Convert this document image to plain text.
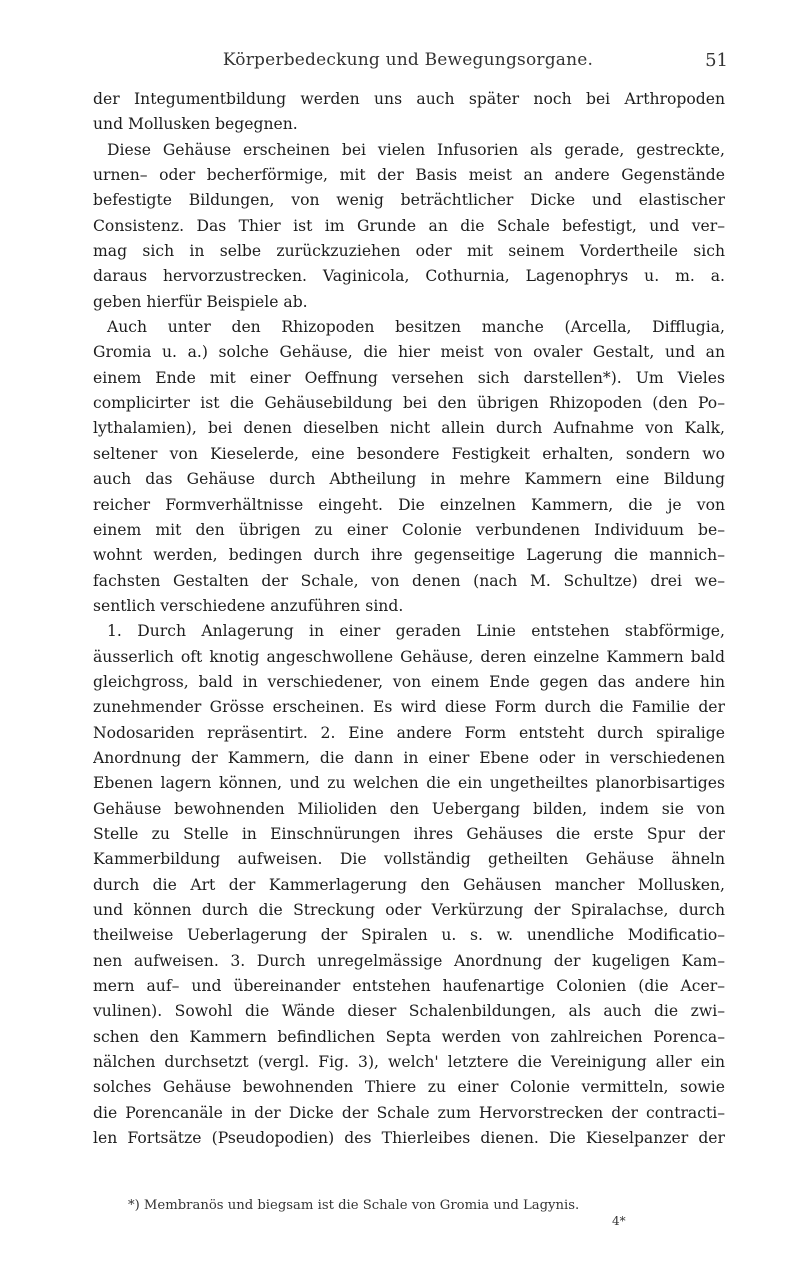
Körperbedeckung und Bewegungsorgane.	51
der Integumentbildung werden uns auch später noch bei Arthropoden
und Mollusken begegnen.
Diese Gehäuse erscheinen bei vielen Infusorien als gerade, gestreckte,
urnen– oder becherförmige, mit der Basis meist an andere Gegenstände
befestigte Bildungen, von wenig beträchtlicher Dicke und elastischer
Consistenz. Das Thier ist im Grunde an die Schale befestigt, und ver–
mag sich in selbe zurückzuziehen oder mit seinem Vordertheile sich
daraus hervorzustrecken. Vaginicola, Cothurnia, Lagenophrys u. m. a.
geben hierfür Beispiele ab.
Auch unter den Rhizopoden besitzen manche (Arcella, Difflugia,
Gromia u. a.) solche Gehäuse, die hier meist von ovaler Gestalt, und an
einem Ende mit einer Oeffnung versehen sich darstellen*). Um Vieles
complicirter ist die Gehäusebildung bei den übrigen Rhizopoden (den Po–
lythalamien), bei denen dieselben nicht allein durch Aufnahme von Kalk,
seltener von Kieselerde, eine besondere Festigkeit erhalten, sondern wo
auch das Gehäuse durch Abtheilung in mehre Kammern eine Bildung
reicher Formverhältnisse eingeht. Die einzelnen Kammern, die je von
einem mit den übrigen zu einer Colonie verbundenen Individuum be–
wohnt werden, bedingen durch ihre gegenseitige Lagerung die mannich–
fachsten Gestalten der Schale, von denen (nach M. Schultze) drei we–
sentlich verschiedene anzuführen sind.
1. Durch Anlagerung in einer geraden Linie entstehen stabförmige,
äusserlich oft knotig angeschwollene Gehäuse, deren einzelne Kammern bald
gleichgross, bald in verschiedener, von einem Ende gegen das andere hin
zunehmender Grösse erscheinen. Es wird diese Form durch die Familie der
Nodosariden repräsentirt. 2. Eine andere Form entsteht durch spiralige
Anordnung der Kammern, die dann in einer Ebene oder in verschiedenen
Ebenen lagern können, und zu welchen die ein ungetheiltes planorbisartiges
Gehäuse bewohnenden Milioliden den Uebergang bilden, indem sie von
Stelle zu Stelle in Einschnürungen ihres Gehäuses die erste Spur der
Kammerbildung aufweisen. Die vollständig getheilten Gehäuse ähneln
durch die Art der Kammerlagerung den Gehäusen mancher Mollusken,
und können durch die Streckung oder Verkürzung der Spiralachse, durch
theilweise Ueberlagerung der Spiralen u. s. w. unendliche Modificatio–
nen aufweisen. 3. Durch unregelmässige Anordnung der kugeligen Kam–
mern auf– und übereinander entstehen haufenartige Colonien (die Acer–
vulinen). Sowohl die Wände dieser Schalenbildungen, als auch die zwi–
schen den Kammern befindlichen Septa werden von zahlreichen Porenca–
nälchen durchsetzt (vergl. Fig. 3), welch' letztere die Vereinigung aller ein
solches Gehäuse bewohnenden Thiere zu einer Colonie vermitteln, sowie
die Porencanäle in der Dicke der Schale zum Hervorstrecken der contracti–
len Fortsätze (Pseudopodien) des Thierleibes dienen. Die Kieselpanzer der
*) Membranös und biegsam ist die Schale von Gromia und Lagynis.
4*
